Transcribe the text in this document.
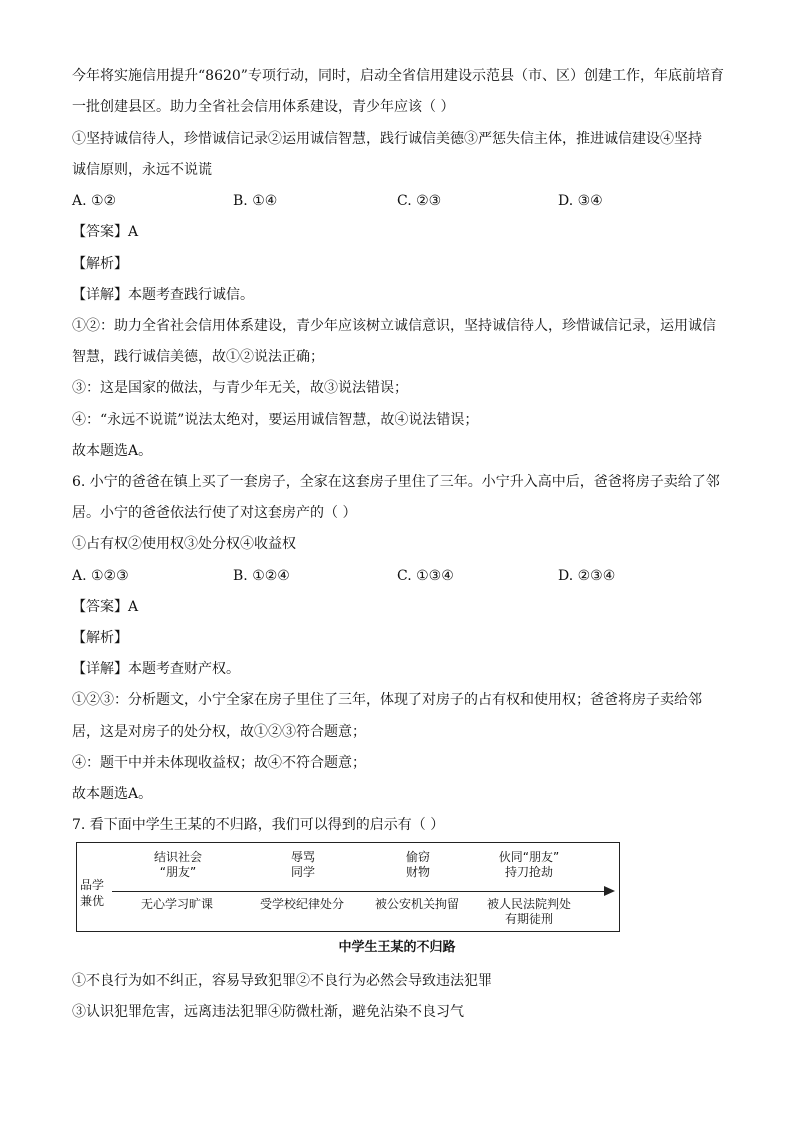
今年将实施信用提升“8620”专项行动，同时，启动全省信用建设示范县（市、区）创建工作，年底前培育
一批创建县区。助力全省社会信用体系建设，青少年应该（ ）
①坚持诚信待人，珍惜诚信记录②运用诚信智慧，践行诚信美德③严惩失信主体，推进诚信建设④坚持
诚信原则，永远不说谎
A. ①②	B. ①④	C. ②③	D. ③④
【答案】A
【解析】
【详解】本题考查践行诚信。
①②：助力全省社会信用体系建设，青少年应该树立诚信意识，坚持诚信待人，珍惜诚信记录，运用诚信
智慧，践行诚信美德，故①②说法正确；
③：这是国家的做法，与青少年无关，故③说法错误；
④：“永远不说谎”说法太绝对，要运用诚信智慧，故④说法错误；
故本题选A。
6. 小宁的爸爸在镇上买了一套房子，全家在这套房子里住了三年。小宁升入高中后，爸爸将房子卖给了邻
居。小宁的爸爸依法行使了对这套房产的（ ）
①占有权②使用权③处分权④收益权
A. ①②③	B. ①②④	C. ①③④	D. ②③④
【答案】A
【解析】
【详解】本题考查财产权。
①②③：分析题文，小宁全家在房子里住了三年，体现了对房子的占有权和使用权；爸爸将房子卖给邻
居，这是对房子的处分权，故①②③符合题意；
④：题干中并未体现收益权；故④不符合题意；
故本题选A。
7. 看下面中学生王某的不归路，我们可以得到的启示有（ ）
品学
兼优
结识社会
“朋友”
辱骂
同学
偷窃
财物
伙同“朋友”
持刀抢劫
无心学习旷课	受学校纪律处分	被公安机关拘留	被人民法院判处
有期徒刑
中学生王某的不归路
①不良行为如不纠正，容易导致犯罪②不良行为必然会导致违法犯罪
③认识犯罪危害，远离违法犯罪④防微杜渐，避免沾染不良习气
